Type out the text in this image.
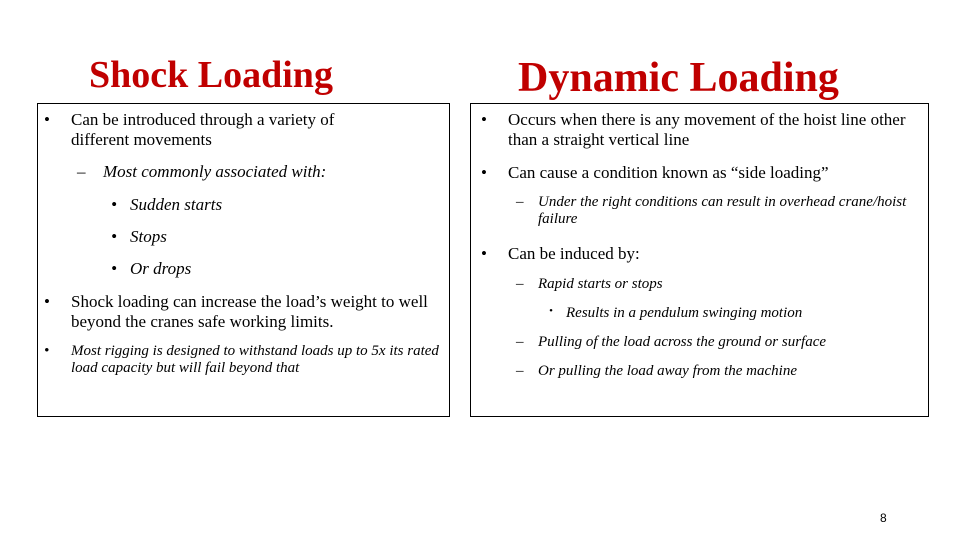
Shock Loading	Dynamic Loading
• Can be introduced through a variety of different movements
– Most commonly associated with:
• Sudden starts
• Stops
• Or drops
• Shock loading can increase the load’s weight to well beyond the cranes safe working limits.
• Most rigging is designed to withstand loads up to 5x its rated load capacity but will fail beyond that
• Occurs when there is any movement of the hoist line other than a straight vertical line
• Can cause a condition known as “side loading”
– Under the right conditions can result in overhead crane/hoist failure
• Can be induced by:
– Rapid starts or stops
• Results in a pendulum swinging motion
– Pulling of the load across the ground or surface
– Or pulling the load away from the machine
8
